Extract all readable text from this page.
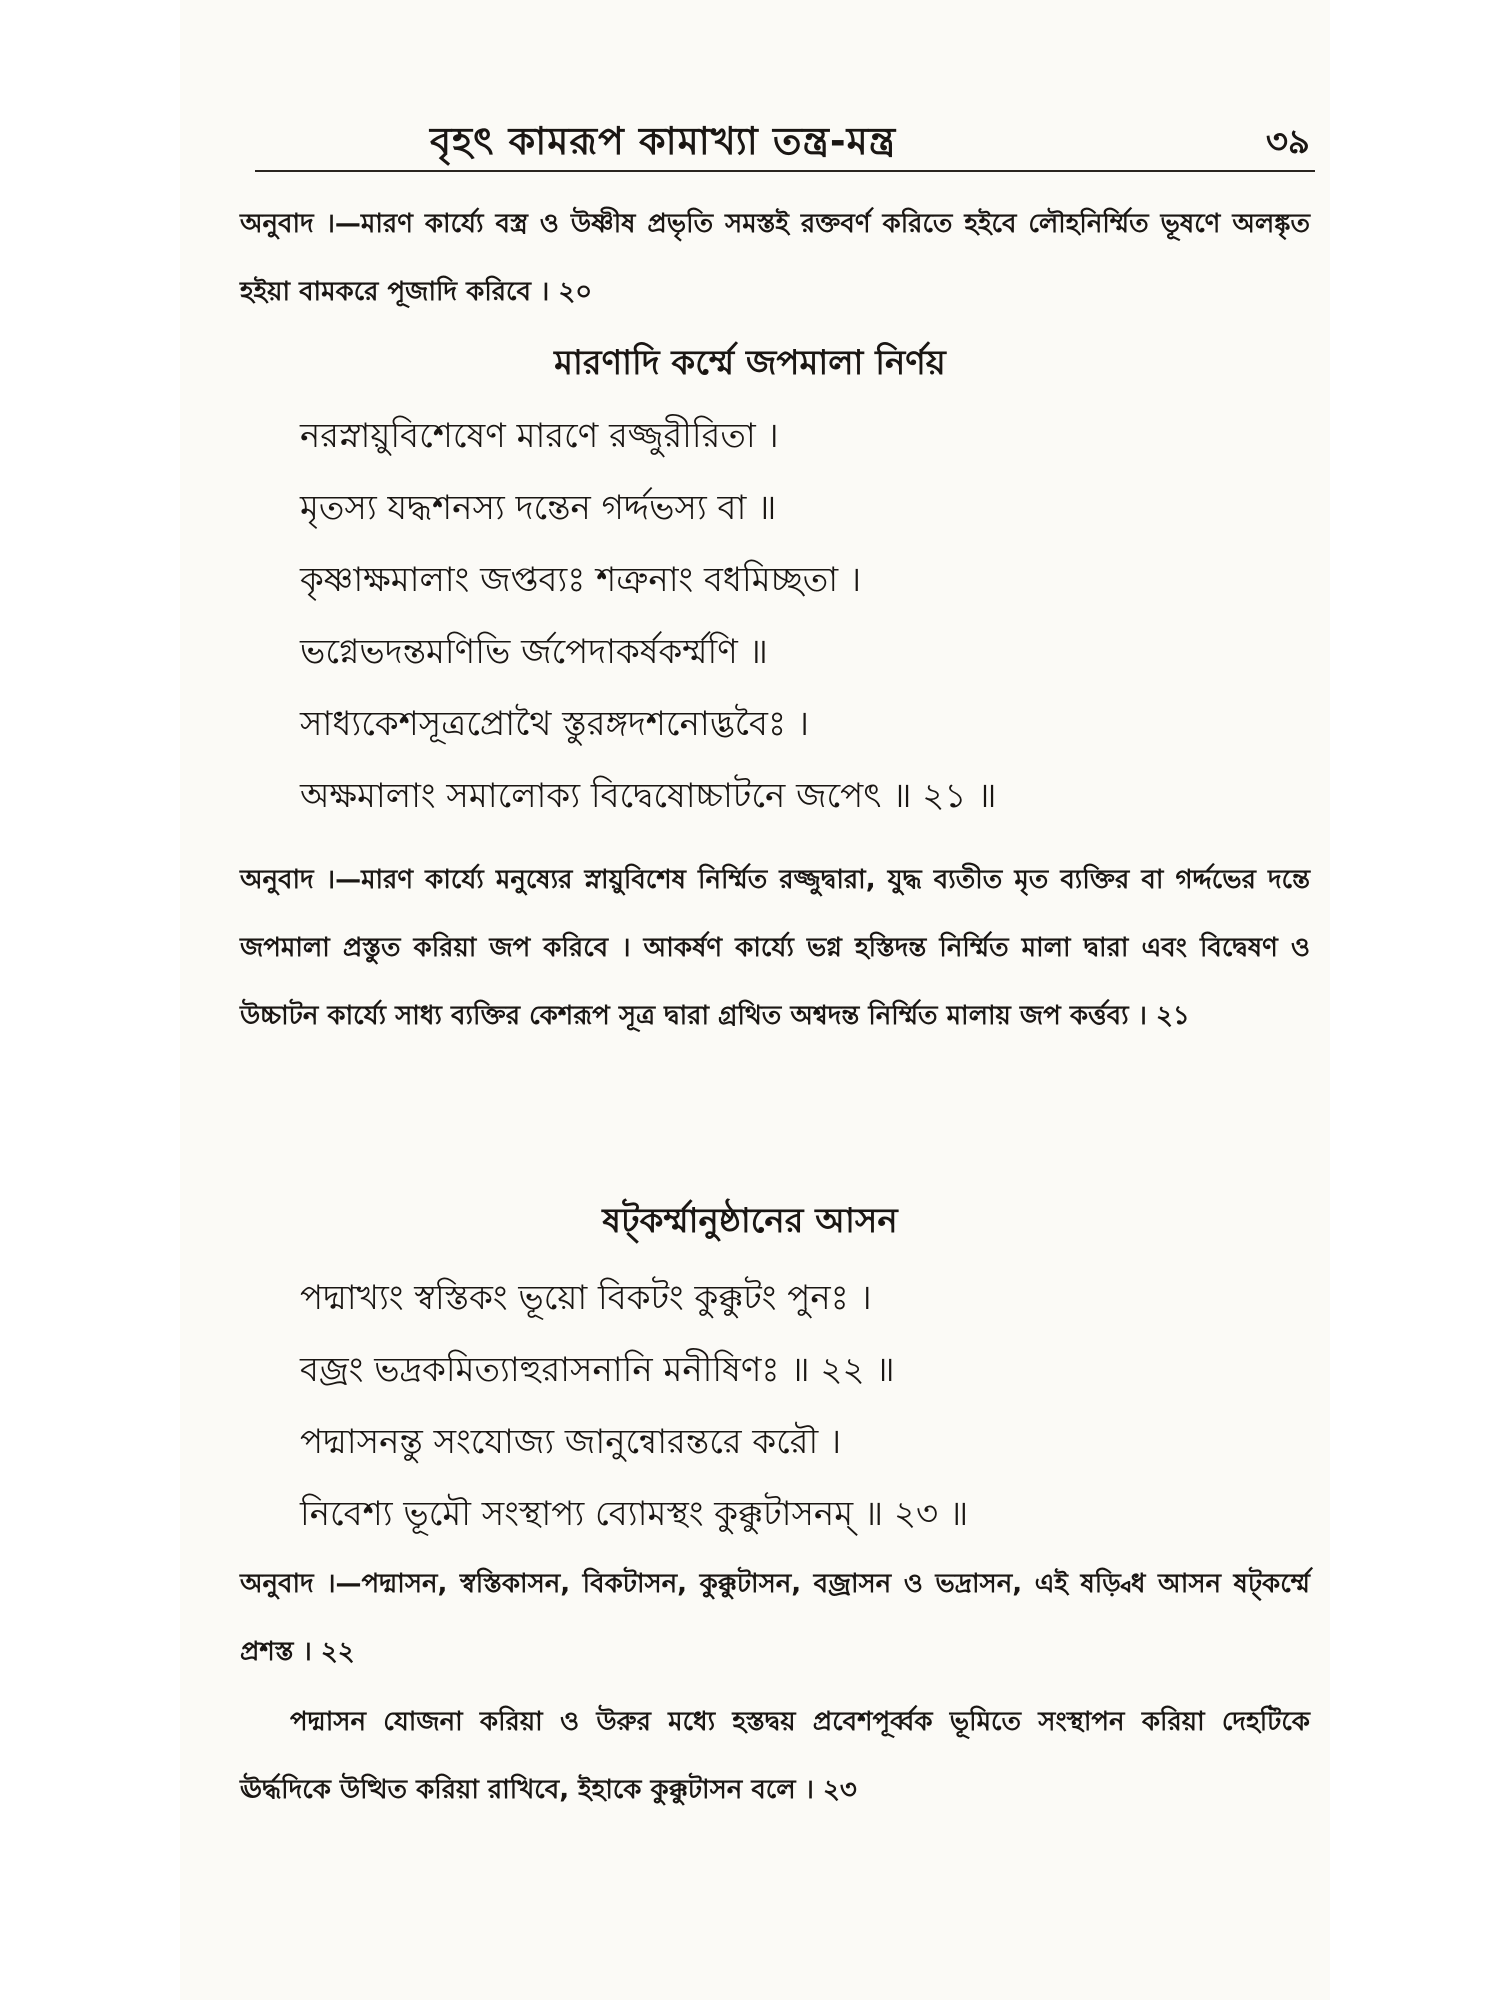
বৃহৎ কামরূপ কামাখ্যা তন্ত্র-মন্ত্র	৩৯
অনুবাদ ।—মারণ কার্য্যে বস্ত্র ও উষ্ণীষ প্রভৃতি সমস্তই রক্তবর্ণ করিতে হইবে লৌহনির্ম্মিত ভূষণে অলঙ্কৃত হইয়া বামকরে পূজাদি করিবে । ২০
মারণাদি কর্ম্মে জপমালা নির্ণয়
নরস্নায়ুবিশেষেণ মারণে রজ্জুরীরিতা ।
মৃতস্য যদ্ধশনস্য দন্তেন গর্দ্দভস্য বা ॥
কৃষ্ণাক্ষমালাং জপ্তব্যঃ শত্রুনাং বধমিচ্ছতা ।
ভগ্নেভদন্তমণিভি র্জপেদাকর্ষকর্ম্মণি ॥
সাধ্যকেশসূত্রপ্রোথৈ স্তুরঙ্গদশনোদ্ভবৈঃ ।
অক্ষমালাং সমালোক্য বিদ্বেষোচ্চাটনে জপেৎ ॥ ২১ ॥
অনুবাদ ।—মারণ কার্য্যে মনুষ্যের স্নায়ুবিশেষ নির্ম্মিত রজ্জুদ্বারা, যুদ্ধ ব্যতীত মৃত ব্যক্তির বা গর্দ্দভের দন্তে জপমালা প্রস্তুত করিয়া জপ করিবে । আকর্ষণ কার্য্যে ভগ্ন হস্তিদন্ত নির্ম্মিত মালা দ্বারা এবং বিদ্বেষণ ও উচ্চাটন কার্য্যে সাধ্য ব্যক্তির কেশরূপ সূত্র দ্বারা গ্রথিত অশ্বদন্ত নির্ম্মিত মালায় জপ কর্ত্তব্য । ২১
ষট্কর্ম্মানুষ্ঠানের আসন
পদ্মাখ্যং স্বস্তিকং ভূয়ো বিকটং কুক্কুটং পুনঃ ।
বজ্রং ভদ্রকমিত্যাহুরাসনানি মনীষিণঃ ॥ ২২ ॥
পদ্মাসনন্তু সংযোজ্য জানুন্বোরন্তরে করৌ ।
নিবেশ্য ভূমৌ সংস্থাপ্য ব্যোমস্থং কুক্কুটাসনম্ ॥ ২৩ ॥
অনুবাদ ।—পদ্মাসন, স্বস্তিকাসন, বিকটাসন, কুক্কুটাসন, বজ্রাসন ও ভদ্রাসন, এই ষড়্বিধ আসন ষট্কর্ম্মে প্রশস্ত । ২২
পদ্মাসন যোজনা করিয়া ও উরুর মধ্যে হস্তদ্বয় প্রবেশপূর্ব্বক ভূমিতে সংস্থাপন করিয়া দেহটিকে ঊর্দ্ধদিকে উত্থিত করিয়া রাখিবে, ইহাকে কুক্কুটাসন বলে । ২৩
